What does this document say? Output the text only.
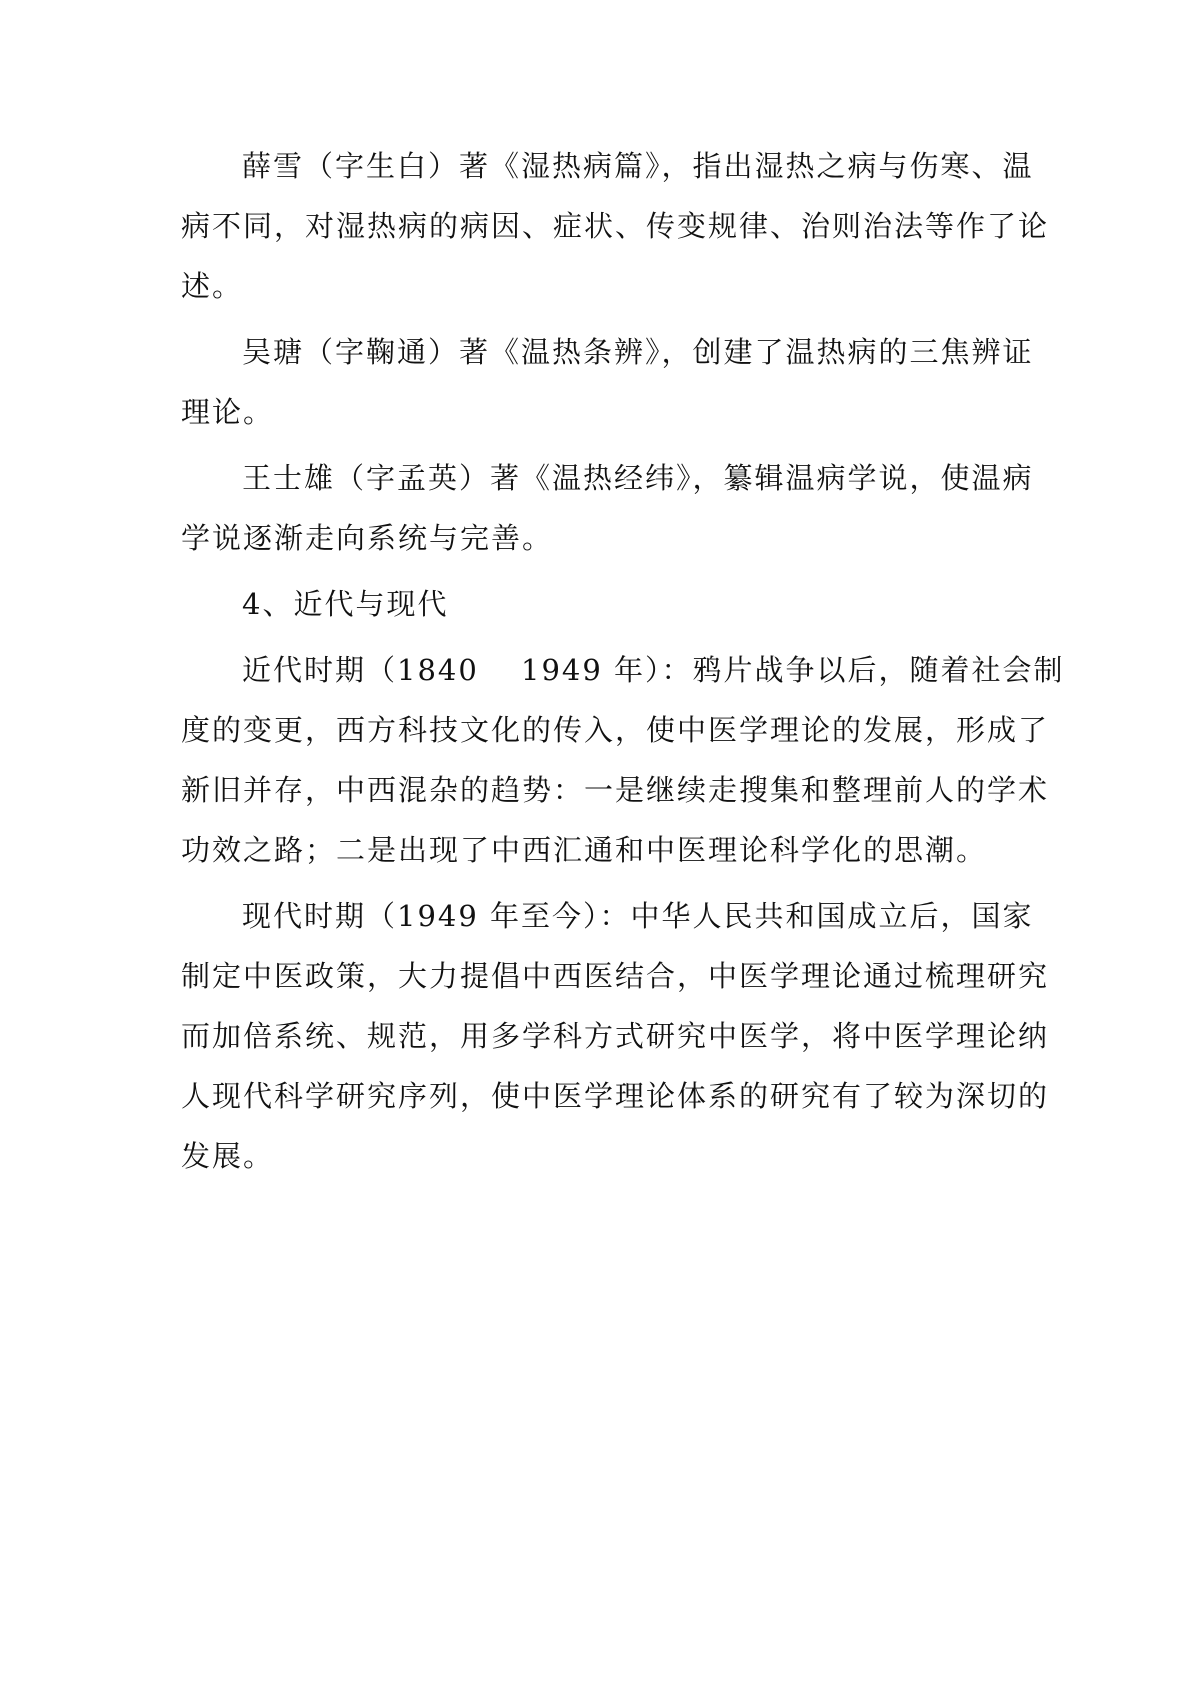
薛雪（字生白）著《湿热病篇》，指出湿热之病与伤寒、温
病不同，对湿热病的病因、症状、传变规律、治则治法等作了论
述。

吴瑭（字鞠通）著《温热条辨》，创建了温热病的三焦辨证
理论。

王士雄（字孟英）著《温热经纬》，纂辑温病学说，使温病
学说逐渐走向系统与完善。

4、近代与现代

近代时期（1840　 1949 年）：鸦片战争以后，随着社会制
度的变更，西方科技文化的传入，使中医学理论的发展，形成了
新旧并存，中西混杂的趋势：一是继续走搜集和整理前人的学术
功效之路；二是出现了中西汇通和中医理论科学化的思潮。

现代时期（1949 年至今）：中华人民共和国成立后，国家
制定中医政策，大力提倡中西医结合，中医学理论通过梳理研究
而加倍系统、规范，用多学科方式研究中医学，将中医学理论纳
人现代科学研究序列，使中医学理论体系的研究有了较为深切的
发展。
